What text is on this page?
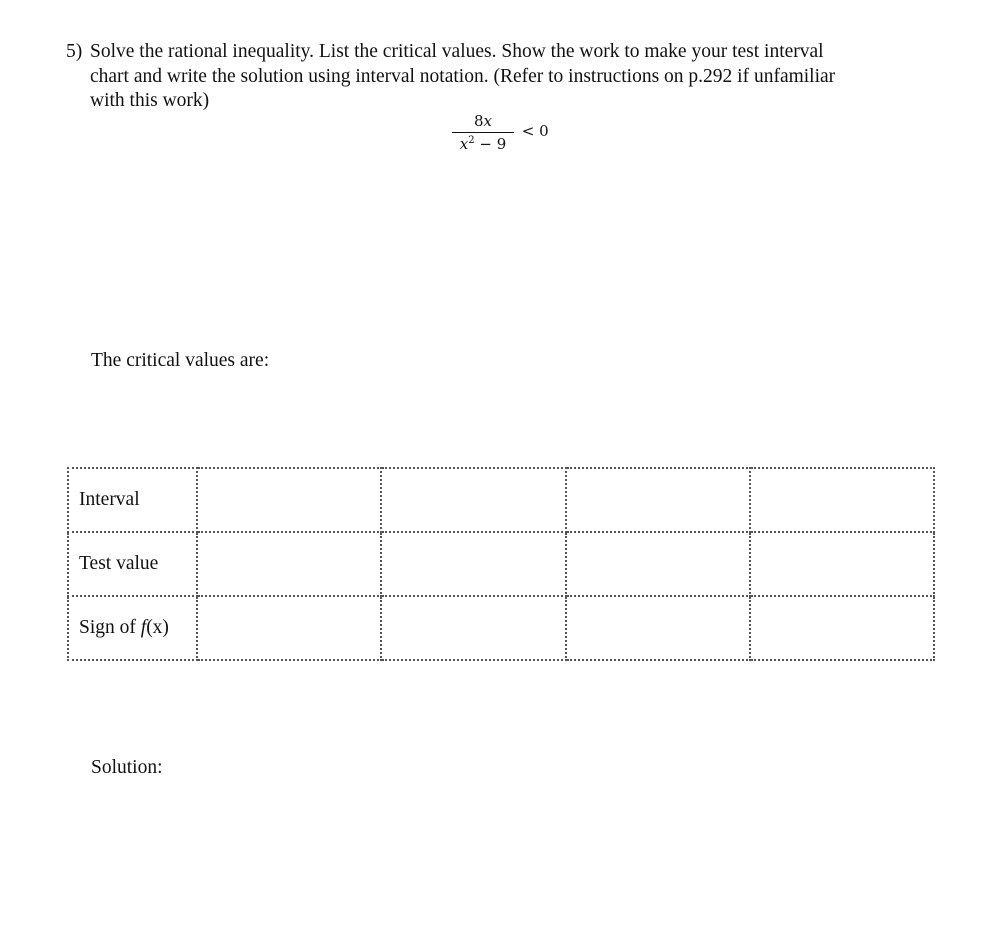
5) Solve the rational inequality. List the critical values. Show the work to make your test interval
chart and write the solution using interval notation. (Refer to instructions on p.292 if unfamiliar
with this work)
$\frac{8x}{x^2 - 9} < 0$
The critical values are:
Interval				
Test value				
Sign of f(x)				
Solution:
